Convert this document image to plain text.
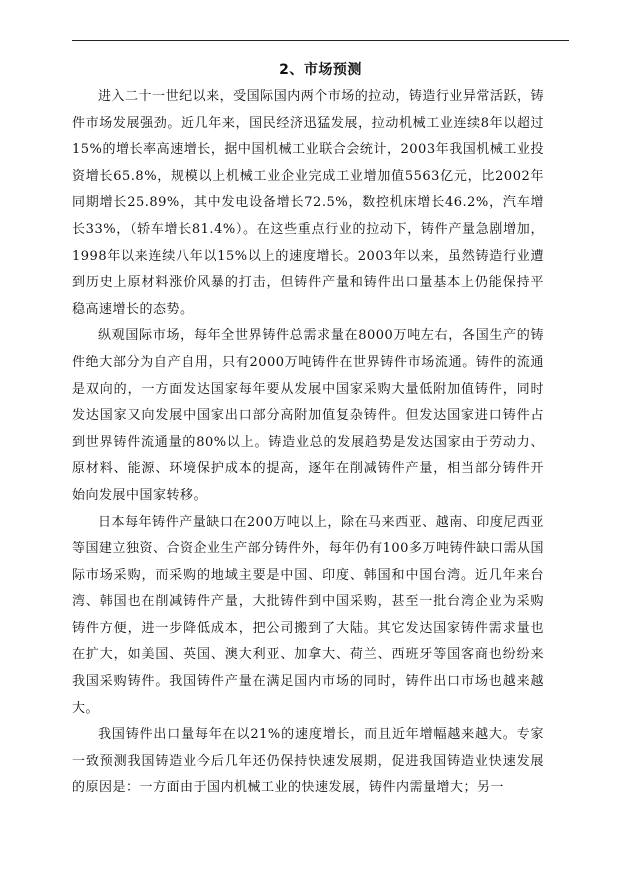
2、市场预测

进入二十一世纪以来，受国际国内两个市场的拉动，铸造行业异常活跃，铸件市场发展强劲。近几年来，国民经济迅猛发展，拉动机械工业连续8年以超过15%的增长率高速增长，据中国机械工业联合会统计，2003年我国机械工业投资增长65.8%，规模以上机械工业企业完成工业增加值5563亿元，比2002年同期增长25.89%，其中发电设备增长72.5%，数控机床增长46.2%，汽车增长33%，（轿车增长81.4%）。在这些重点行业的拉动下，铸件产量急剧增加，1998年以来连续八年以15%以上的速度增长。2003年以来，虽然铸造行业遭到历史上原材料涨价风暴的打击，但铸件产量和铸件出口量基本上仍能保持平稳高速增长的态势。

纵观国际市场，每年全世界铸件总需求量在8000万吨左右，各国生产的铸件绝大部分为自产自用，只有2000万吨铸件在世界铸件市场流通。铸件的流通是双向的，一方面发达国家每年要从发展中国家采购大量低附加值铸件，同时发达国家又向发展中国家出口部分高附加值复杂铸件。但发达国家进口铸件占到世界铸件流通量的80%以上。铸造业总的发展趋势是发达国家由于劳动力、原材料、能源、环境保护成本的提高，逐年在削减铸件产量，相当部分铸件开始向发展中国家转移。

日本每年铸件产量缺口在200万吨以上，除在马来西亚、越南、印度尼西亚等国建立独资、合资企业生产部分铸件外，每年仍有100多万吨铸件缺口需从国际市场采购，而采购的地域主要是中国、印度、韩国和中国台湾。近几年来台湾、韩国也在削减铸件产量，大批铸件到中国采购，甚至一批台湾企业为采购铸件方便，进一步降低成本，把公司搬到了大陆。其它发达国家铸件需求量也在扩大，如美国、英国、澳大利亚、加拿大、荷兰、西班牙等国客商也纷纷来我国采购铸件。我国铸件产量在满足国内市场的同时，铸件出口市场也越来越大。

我国铸件出口量每年在以21%的速度增长，而且近年增幅越来越大。专家一致预测我国铸造业今后几年还仍保持快速发展期，促进我国铸造业快速发展的原因是：一方面由于国内机械工业的快速发展，铸件内需量增大；另一
